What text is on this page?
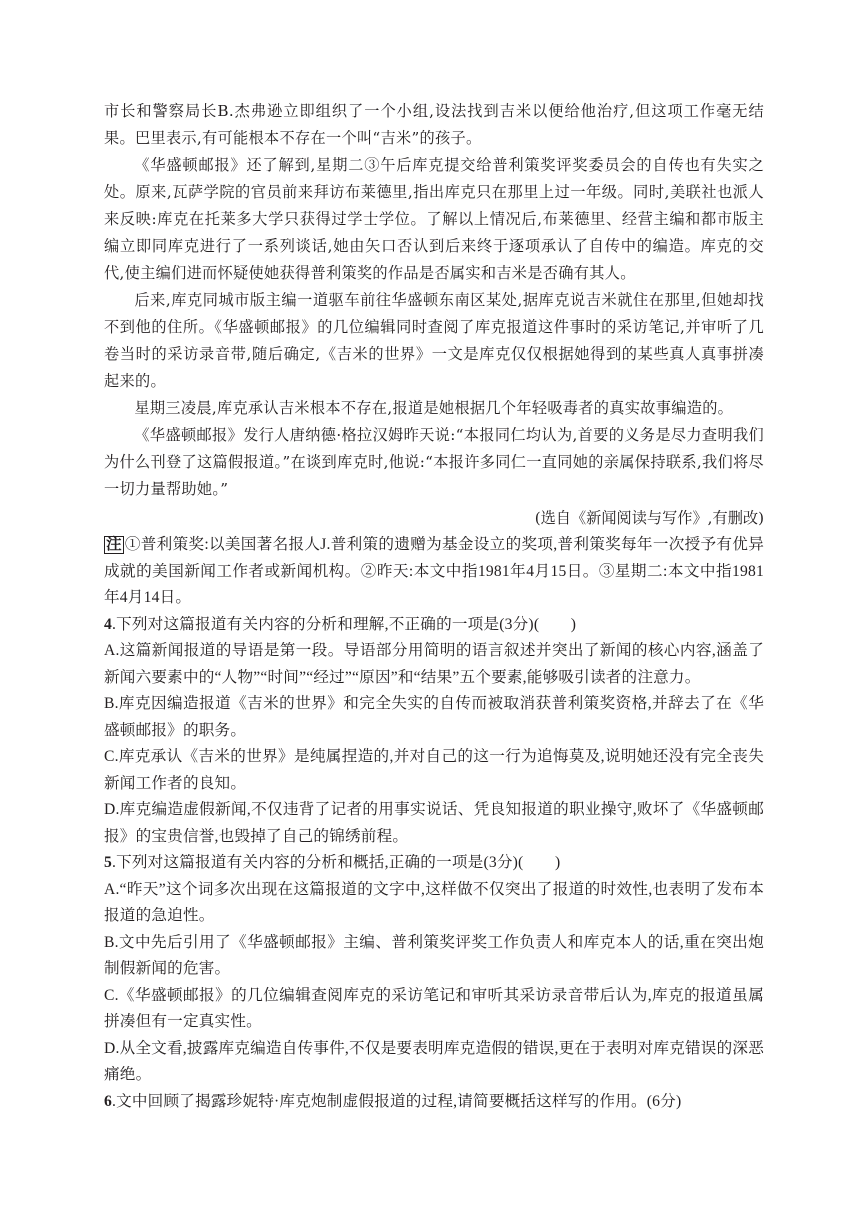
市长和警察局长B.杰弗逊立即组织了一个小组,设法找到吉米以便给他治疗,但这项工作毫无结果。巴里表示,有可能根本不存在一个叫“吉米”的孩子。

《华盛顿邮报》还了解到,星期二③午后库克提交给普利策奖评奖委员会的自传也有失实之处。原来,瓦萨学院的官员前来拜访布莱德里,指出库克只在那里上过一年级。同时,美联社也派人来反映:库克在托莱多大学只获得过学士学位。了解以上情况后,布莱德里、经营主编和都市版主编立即同库克进行了一系列谈话,她由矢口否认到后来终于逐项承认了自传中的编造。库克的交代,使主编们进而怀疑使她获得普利策奖的作品是否属实和吉米是否确有其人。

后来,库克同城市版主编一道驱车前往华盛顿东南区某处,据库克说吉米就住在那里,但她却找不到他的住所。《华盛顿邮报》的几位编辑同时查阅了库克报道这件事时的采访笔记,并审听了几卷当时的采访录音带,随后确定,《吉米的世界》一文是库克仅仅根据她得到的某些真人真事拼凑起来的。

星期三凌晨,库克承认吉米根本不存在,报道是她根据几个年轻吸毒者的真实故事编造的。

《华盛顿邮报》发行人唐纳德·格拉汉姆昨天说:“本报同仁均认为,首要的义务是尽力查明我们为什么刊登了这篇假报道。”在谈到库克时,他说:“本报许多同仁一直同她的亲属保持联系,我们将尽一切力量帮助她。”

(选自《新闻阅读与写作》,有删改)
注 ①普利策奖:以美国著名报人J.普利策的遗赠为基金设立的奖项,普利策奖每年一次授予有优异成就的美国新闻工作者或新闻机构。②昨天:本文中指1981年4月15日。③星期二:本文中指1981年4月14日。

4.下列对这篇报道有关内容的分析和理解,不正确的一项是(3分)(　　)

A.这篇新闻报道的导语是第一段。导语部分用简明的语言叙述并突出了新闻的核心内容,涵盖了新闻六要素中的“人物”“时间”“经过”“原因”和“结果”五个要素,能够吸引读者的注意力。

B.库克因编造报道《吉米的世界》和完全失实的自传而被取消获普利策奖资格,并辞去了在《华盛顿邮报》的职务。

C.库克承认《吉米的世界》是纯属捏造的,并对自己的这一行为追悔莫及,说明她还没有完全丧失新闻工作者的良知。

D.库克编造虚假新闻,不仅违背了记者的用事实说话、凭良知报道的职业操守,败坏了《华盛顿邮报》的宝贵信誉,也毁掉了自己的锦绣前程。

5.下列对这篇报道有关内容的分析和概括,正确的一项是(3分)(　　)

A.“昨天”这个词多次出现在这篇报道的文字中,这样做不仅突出了报道的时效性,也表明了发布本报道的急迫性。

B.文中先后引用了《华盛顿邮报》主编、普利策奖评奖工作负责人和库克本人的话,重在突出炮制假新闻的危害。

C.《华盛顿邮报》的几位编辑查阅库克的采访笔记和审听其采访录音带后认为,库克的报道虽属拼凑但有一定真实性。

D.从全文看,披露库克编造自传事件,不仅是要表明库克造假的错误,更在于表明对库克错误的深恶痛绝。

6.文中回顾了揭露珍妮特·库克炮制虚假报道的过程,请简要概括这样写的作用。(6分)
